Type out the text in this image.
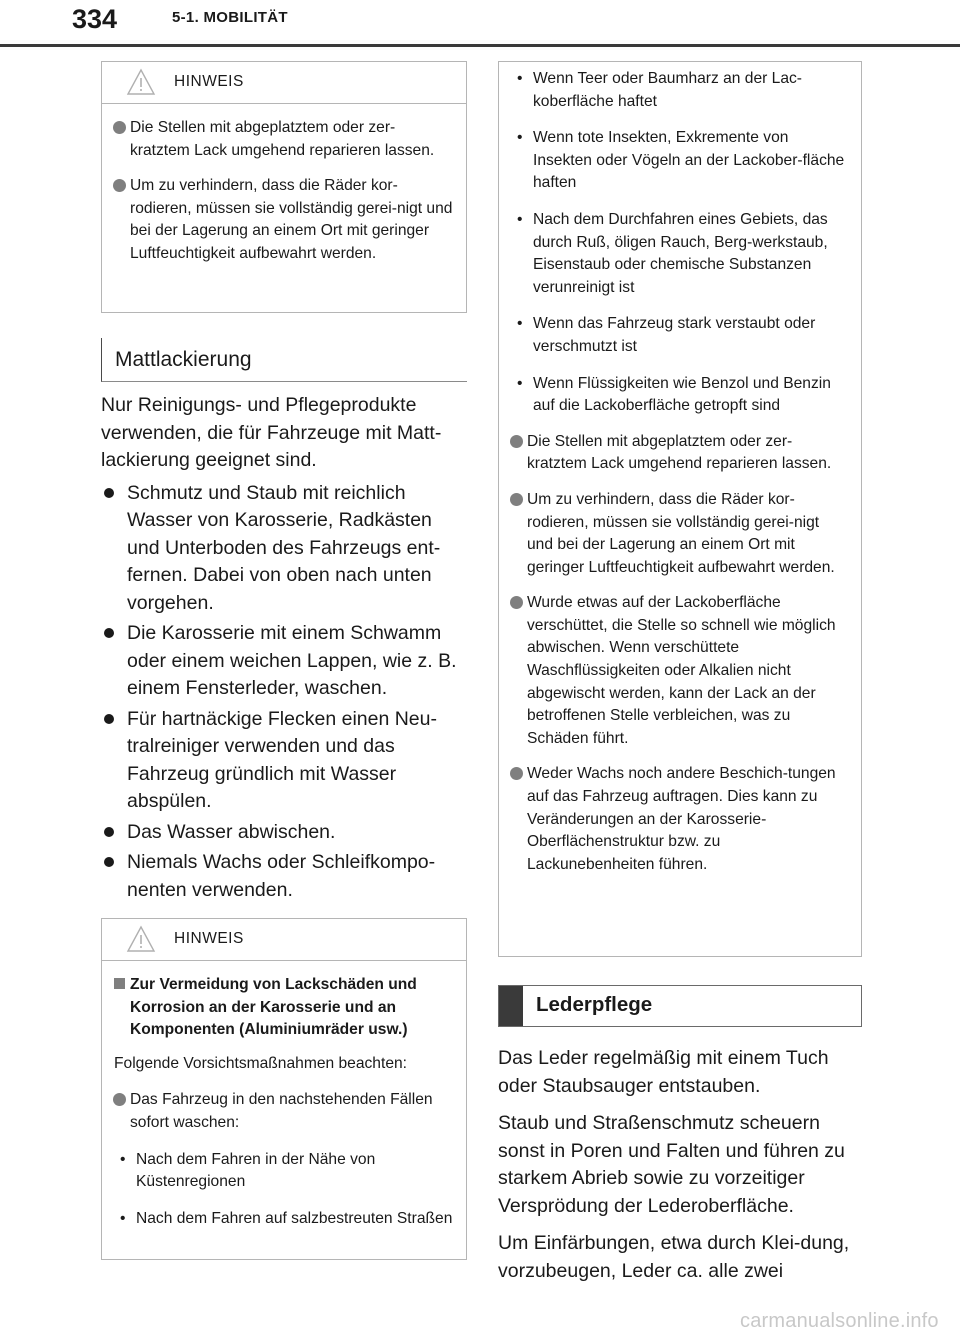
334	5-1. MOBILITÄT
HINWEIS
Die Stellen mit abgeplatztem oder zer-kratztem Lack umgehend reparieren lassen.
Um zu verhindern, dass die Räder kor-rodieren, müssen sie vollständig gerei-nigt und bei der Lagerung an einem Ort mit geringer Luftfeuchtigkeit aufbewahrt werden.
Mattlackierung
Nur Reinigungs- und Pflegeprodukte verwenden, die für Fahrzeuge mit Matt-lackierung geeignet sind.
Schmutz und Staub mit reichlich Wasser von Karosserie, Radkästen und Unterboden des Fahrzeugs ent-fernen. Dabei von oben nach unten vorgehen.
Die Karosserie mit einem Schwamm oder einem weichen Lappen, wie z. B. einem Fensterleder, waschen.
Für hartnäckige Flecken einen Neu-tralreiniger verwenden und das Fahrzeug gründlich mit Wasser abspülen.
Das Wasser abwischen.
Niemals Wachs oder Schleifkompo-nenten verwenden.
HINWEIS
Zur Vermeidung von Lackschäden und Korrosion an der Karosserie und an Komponenten (Aluminiumräder usw.)
Folgende Vorsichtsmaßnahmen beachten:
Das Fahrzeug in den nachstehenden Fällen sofort waschen:
• Nach dem Fahren in der Nähe von Küstenregionen
• Nach dem Fahren auf salzbestreuten Straßen
• Wenn Teer oder Baumharz an der Lac-koberfläche haftet
• Wenn tote Insekten, Exkremente von Insekten oder Vögeln an der Lackober-fläche haften
• Nach dem Durchfahren eines Gebiets, das durch Ruß, öligen Rauch, Berg-werkstaub, Eisenstaub oder chemische Substanzen verunreinigt ist
• Wenn das Fahrzeug stark verstaubt oder verschmutzt ist
• Wenn Flüssigkeiten wie Benzol und Benzin auf die Lackoberfläche getropft sind
Die Stellen mit abgeplatztem oder zer-kratztem Lack umgehend reparieren lassen.
Um zu verhindern, dass die Räder kor-rodieren, müssen sie vollständig gerei-nigt und bei der Lagerung an einem Ort mit geringer Luftfeuchtigkeit aufbewahrt werden.
Wurde etwas auf der Lackoberfläche verschüttet, die Stelle so schnell wie möglich abwischen. Wenn verschüttete Waschflüssigkeiten oder Alkalien nicht abgewischt werden, kann der Lack an der betroffenen Stelle verbleichen, was zu Schäden führt.
Weder Wachs noch andere Beschich-tungen auf das Fahrzeug auftragen. Dies kann zu Veränderungen an der Karosserie-Oberflächenstruktur bzw. zu Lackunebenheiten führen.
Lederpflege
Das Leder regelmäßig mit einem Tuch oder Staubsauger entstauben.
Staub und Straßenschmutz scheuern sonst in Poren und Falten und führen zu starkem Abrieb sowie zu vorzeitiger Versprödung der Lederoberfläche.
Um Einfärbungen, etwa durch Klei-dung, vorzubeugen, Leder ca. alle zwei
carmanualsonline.info
